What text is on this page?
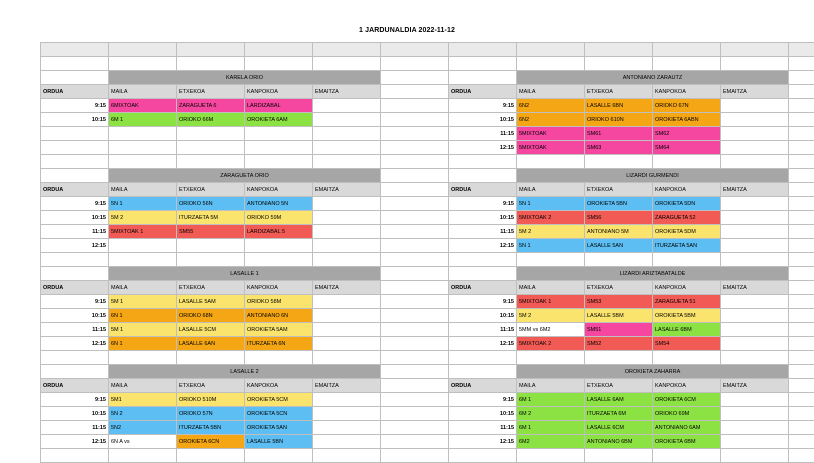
1 JARDUNALDIA 2022-11-12

	KARELA ORIO						ANTONIANO ZARAUTZ				
ORDUA	MAILA	ETXEKOA	KANPOKOA	EMAITZA		ORDUA	MAILA	ETXEKOA	KANPOKOA	EMAITZA	
9:15	6MIXTOAK	ZARAGUETA 6	LARDIZABAL			9:15	6N2	LASALLE 6BN	ORIOKO 67N		
10:15	6M 1	ORIOKO 66M	OROKIETA 6AM			10:15	6N2	ORIOKO 610N	OROKIETA 6ABN		
						11:15	5MIXTOAK	SM61	SM62		
						12:15	5MIXTOAK	SM63	SM64		

	ZARAGUETA ORIO						LIZARDI GURMENDI				
ORDUA	MAILA	ETXEKOA	KANPOKOA	EMAITZA		ORDUA	MAILA	ETXEKOA	KANPOKOA	EMAITZA	
9:15	5N 1	ORIOKO 56N	ANTONIANO 5N			9:15	5N 1	OROKIETA 5BN	OROKIETA 5DN		
10:15	5M 2	ITURZAETA 5M	ORIOKO 59M			10:15	5MIXTOAK 2	SM56	ZARAGUETA 52		
11:15	5MIXTOAK 1	SM55	LARDIZABAL 5			11:15	5M 2	ANTONIANO 5M	OROKIETA 5DM		
12:15						12:15	5N 1	LASALLE 5AN	ITURZAETA 5AN		

	LASALLE 1						LIZARDI ARIZTABATALDE				
ORDUA	MAILA	ETXEKOA	KANPOKOA	EMAITZA		ORDUA	MAILA	ETXEKOA	KANPOKOA	EMAITZA	
9:15	5M 1	LASALLE 5AM	ORIOKO 58M			9:15	5MIXTOAK 1	SM53	ZARAGUETA 51		
10:15	6N 1	ORIOKO 68N	ANTONIANO 6N			10:15	5M 2	LASALLE 5BM	OROKIETA 5BM		
11:15	5M 1	LASALLE 5CM	OROKIETA 5AM			11:15	5MM vs 6M2	SM51	LASALLE 6BM		
12:15	6N 1	LASALLE 6AN	ITURZAETA 6N			12:15	5MIXTOAK 2	SM52	SM54		

	LASALLE 2						OROKIETA ZAHARRA				
ORDUA	MAILA	ETXEKOA	KANPOKOA	EMAITZA		ORDUA	MAILA	ETXEKOA	KANPOKOA	EMAITZA	
9:15	5M1	ORIOKO 510M	OROKIETA 5CM			9:15	6M 1	LASALLE 6AM	OROKIETA 6CM		
10:15	5N 2	ORIOKO 57N	OROKIETA 5CN			10:15	6M 2	ITURZAETA 6M	ORIOKO 69M		
11:15	5N2	ITURZAETA 5BN	OROKIETA 5AN			11:15	6M 1	LASALLE 6CM	ANTONIANO 6AM		
12:15	6N A vs	OROKIETA 6CN	LASALLE 5BN			12:15	6M2	ANTONIANO 6BM	OROKIETA 6BM		
